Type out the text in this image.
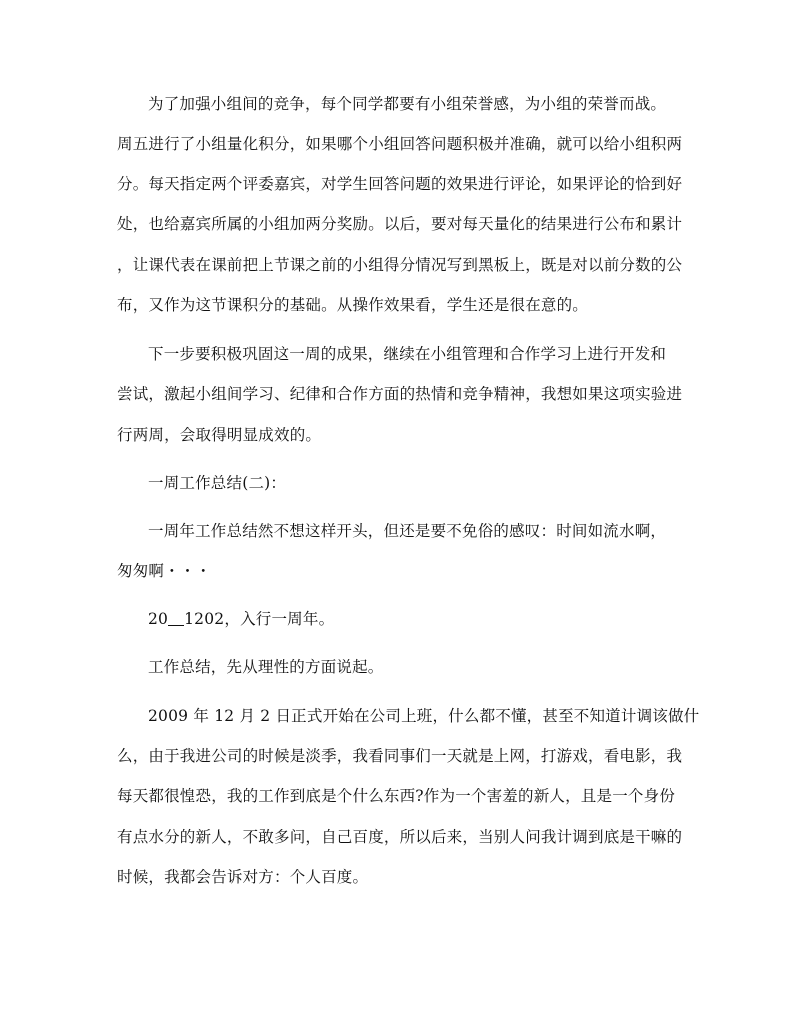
为了加强小组间的竞争，每个同学都要有小组荣誉感，为小组的荣誉而战。
周五进行了小组量化积分，如果哪个小组回答问题积极并准确，就可以给小组积两
分。每天指定两个评委嘉宾，对学生回答问题的效果进行评论，如果评论的恰到好
处，也给嘉宾所属的小组加两分奖励。以后，要对每天量化的结果进行公布和累计
，让课代表在课前把上节课之前的小组得分情况写到黑板上，既是对以前分数的公
布，又作为这节课积分的基础。从操作效果看，学生还是很在意的。
下一步要积极巩固这一周的成果，继续在小组管理和合作学习上进行开发和
尝试，激起小组间学习、纪律和合作方面的热情和竞争精神，我想如果这项实验进
行两周，会取得明显成效的。
一周工作总结(二)：
一周年工作总结然不想这样开头，但还是要不免俗的感叹：时间如流水啊，
匆匆啊・・・
20 1202，入行一周年。
工作总结，先从理性的方面说起。
2009 年 12 月 2 日正式开始在公司上班，什么都不懂，甚至不知道计调该做什
么，由于我进公司的时候是淡季，我看同事们一天就是上网，打游戏，看电影，我
每天都很惶恐，我的工作到底是个什么东西?作为一个害羞的新人，且是一个身份
有点水分的新人，不敢多问，自己百度，所以后来，当别人问我计调到底是干嘛的
时候，我都会告诉对方：个人百度。
